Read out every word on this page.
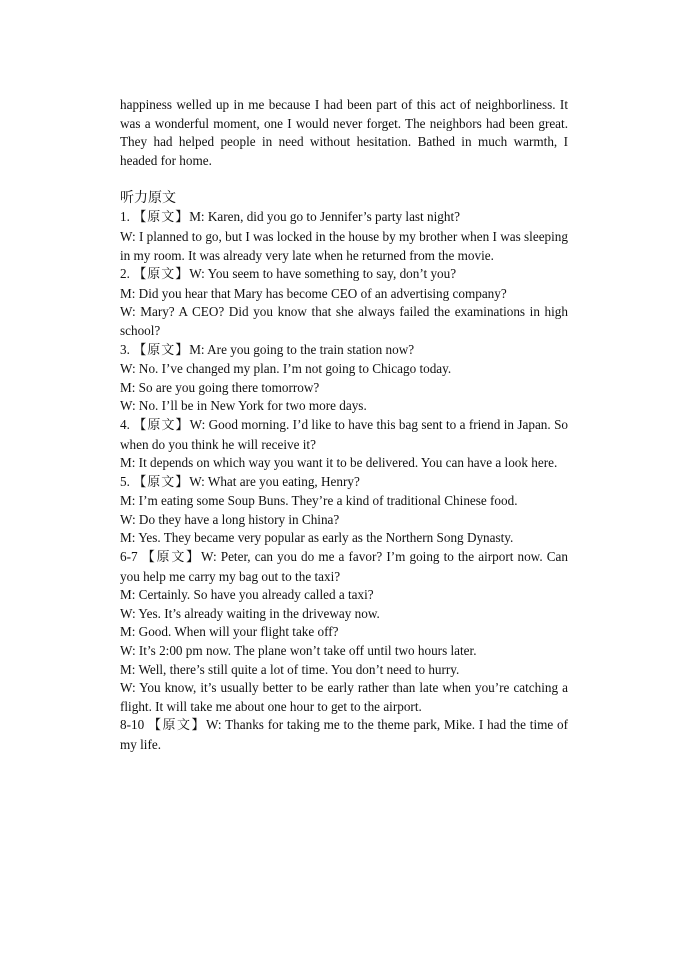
happiness welled up in me because I had been part of this act of neighborliness. It was a wonderful moment, one I would never forget. The neighbors had been great. They had helped people in need without hesitation. Bathed in much warmth, I headed for home.

听力原文

1. 【原文】M: Karen, did you go to Jennifer’s party last night?

W: I planned to go, but I was locked in the house by my brother when I was sleeping in my room. It was already very late when he returned from the movie.

2. 【原文】W: You seem to have something to say, don’t you?

M: Did you hear that Mary has become CEO of an advertising company?

W: Mary? A CEO? Did you know that she always failed the examinations in high school?

3. 【原文】M: Are you going to the train station now?

W: No. I’ve changed my plan. I’m not going to Chicago today.

M: So are you going there tomorrow?

W: No. I’ll be in New York for two more days.

4. 【原文】W: Good morning. I’d like to have this bag sent to a friend in Japan. So when do you think he will receive it?

M: It depends on which way you want it to be delivered. You can have a look here.

5. 【原文】W: What are you eating, Henry?

M: I’m eating some Soup Buns. They’re a kind of traditional Chinese food.

W: Do they have a long history in China?

M: Yes. They became very popular as early as the Northern Song Dynasty.

6-7 【原文】W: Peter, can you do me a favor? I’m going to the airport now. Can you help me carry my bag out to the taxi?

M: Certainly. So have you already called a taxi?

W: Yes. It’s already waiting in the driveway now.

M: Good. When will your flight take off?

W: It’s 2:00 pm now. The plane won’t take off until two hours later.

M: Well, there’s still quite a lot of time. You don’t need to hurry.

W: You know, it’s usually better to be early rather than late when you’re catching a flight. It will take me about one hour to get to the airport.

8-10 【原文】W: Thanks for taking me to the theme park, Mike. I had the time of my life.
